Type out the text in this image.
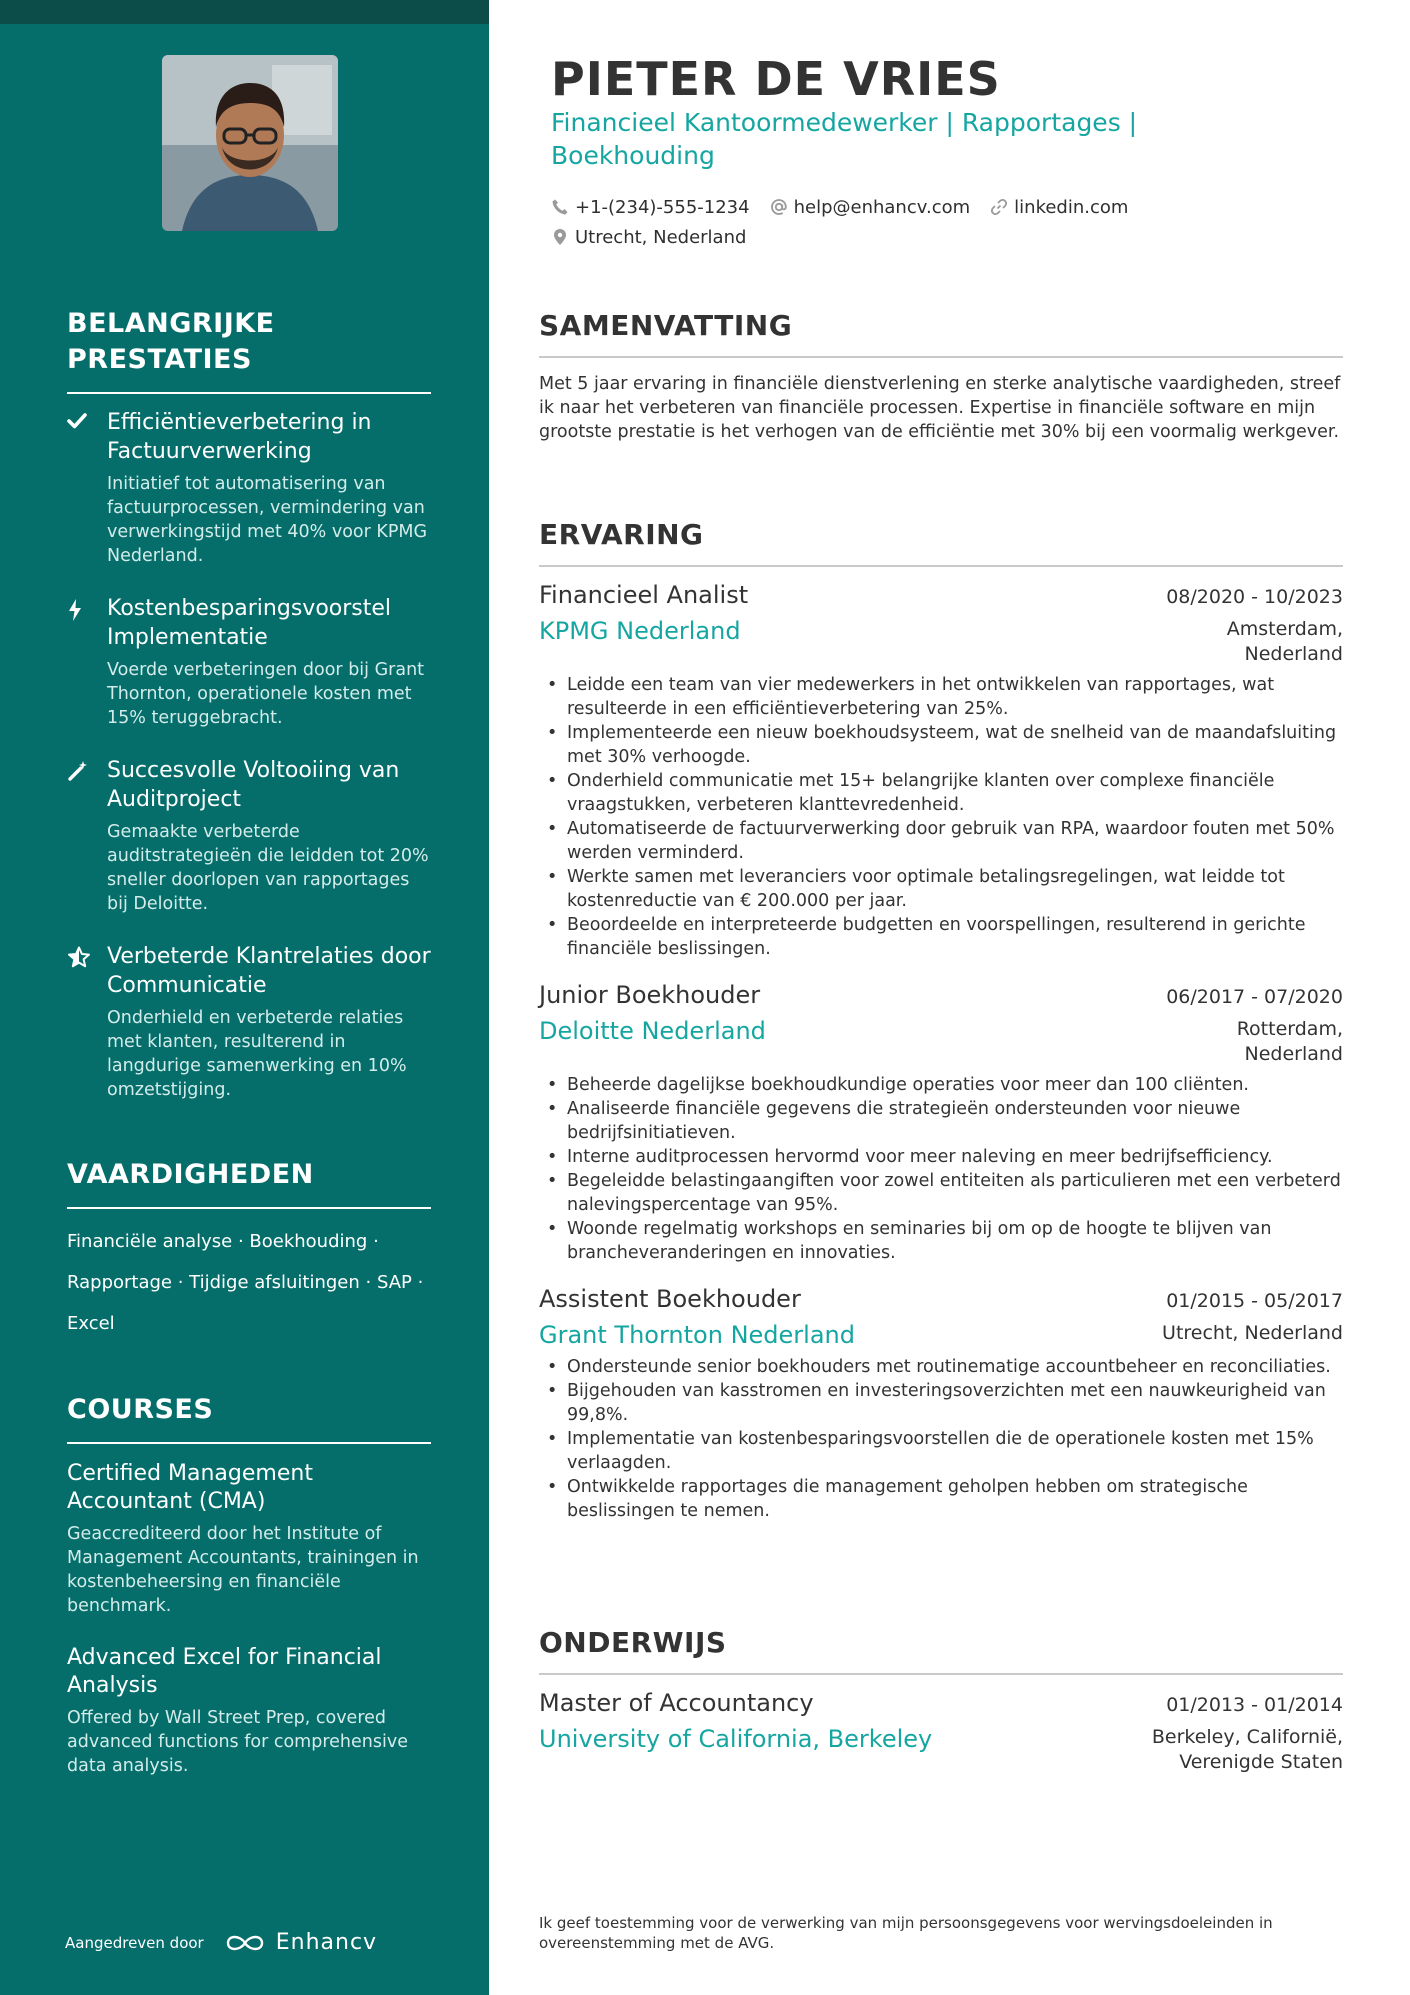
BELANGRIJKE PRESTATIES
Efficiëntieverbetering in Factuurverwerking
Initiatief tot automatisering van factuurprocessen, vermindering van verwerkingstijd met 40% voor KPMG Nederland.
Kostenbesparingsvoorstel Implementatie
Voerde verbeteringen door bij Grant Thornton, operationele kosten met 15% teruggebracht.
Succesvolle Voltooiing van Auditproject
Gemaakte verbeterde auditstrategieën die leidden tot 20% sneller doorlopen van rapportages bij Deloitte.
Verbeterde Klantrelaties door Communicatie
Onderhield en verbeterde relaties met klanten, resulterend in langdurige samenwerking en 10% omzetstijging.
VAARDIGHEDEN
Financiële analyse · Boekhouding ·
Rapportage · Tijdige afsluitingen · SAP ·
Excel
COURSES
Certified Management Accountant (CMA)
Geaccrediteerd door het Institute of Management Accountants, trainingen in kostenbeheersing en financiële benchmark.
Advanced Excel for Financial Analysis
Offered by Wall Street Prep, covered advanced functions for comprehensive data analysis.
Aangedreven door	Enhancv
PIETER DE VRIES
Financieel Kantoormedewerker | Rapportages | Boekhouding
+1-(234)-555-1234 help@enhancv.com linkedin.com
Utrecht, Nederland
SAMENVATTING

Met 5 jaar ervaring in financiële dienstverlening en sterke analytische vaardigheden, streef ik naar het verbeteren van financiële processen. Expertise in financiële software en mijn grootste prestatie is het verhogen van de efficiëntie met 30% bij een voormalig werkgever.

ERVARING
Financieel Analist	08/2020 - 10/2023
KPMG Nederland	Amsterdam,
Nederland
• Leidde een team van vier medewerkers in het ontwikkelen van rapportages, wat resulteerde in een efficiëntieverbetering van 25%.
• Implementeerde een nieuw boekhoudsysteem, wat de snelheid van de maandafsluiting met 30% verhoogde.
• Onderhield communicatie met 15+ belangrijke klanten over complexe financiële vraagstukken, verbeteren klanttevredenheid.
• Automatiseerde de factuurverwerking door gebruik van RPA, waardoor fouten met 50% werden verminderd.
• Werkte samen met leveranciers voor optimale betalingsregelingen, wat leidde tot kostenreductie van € 200.000 per jaar.
• Beoordeelde en interpreteerde budgetten en voorspellingen, resulterend in gerichte financiële beslissingen.
Junior Boekhouder	06/2017 - 07/2020
Deloitte Nederland	Rotterdam,
Nederland
• Beheerde dagelijkse boekhoudkundige operaties voor meer dan 100 cliënten.
• Analiseerde financiële gegevens die strategieën ondersteunden voor nieuwe bedrijfsinitiatieven.
• Interne auditprocessen hervormd voor meer naleving en meer bedrijfsefficiency.
• Begeleidde belastingaangiften voor zowel entiteiten als particulieren met een verbeterd nalevingspercentage van 95%.
• Woonde regelmatig workshops en seminaries bij om op de hoogte te blijven van brancheveranderingen en innovaties.
Assistent Boekhouder	01/2015 - 05/2017
Grant Thornton Nederland	Utrecht, Nederland
• Ondersteunde senior boekhouders met routinematige accountbeheer en reconciliaties.
• Bijgehouden van kasstromen en investeringsoverzichten met een nauwkeurigheid van 99,8%.
• Implementatie van kostenbesparingsvoorstellen die de operationele kosten met 15% verlaagden.
• Ontwikkelde rapportages die management geholpen hebben om strategische beslissingen te nemen.
ONDERWIJS
Master of Accountancy	01/2013 - 01/2014
University of California, Berkeley	Berkeley, Californië,
Verenigde Staten
Ik geef toestemming voor de verwerking van mijn persoonsgegevens voor wervingsdoeleinden in overeenstemming met de AVG.
